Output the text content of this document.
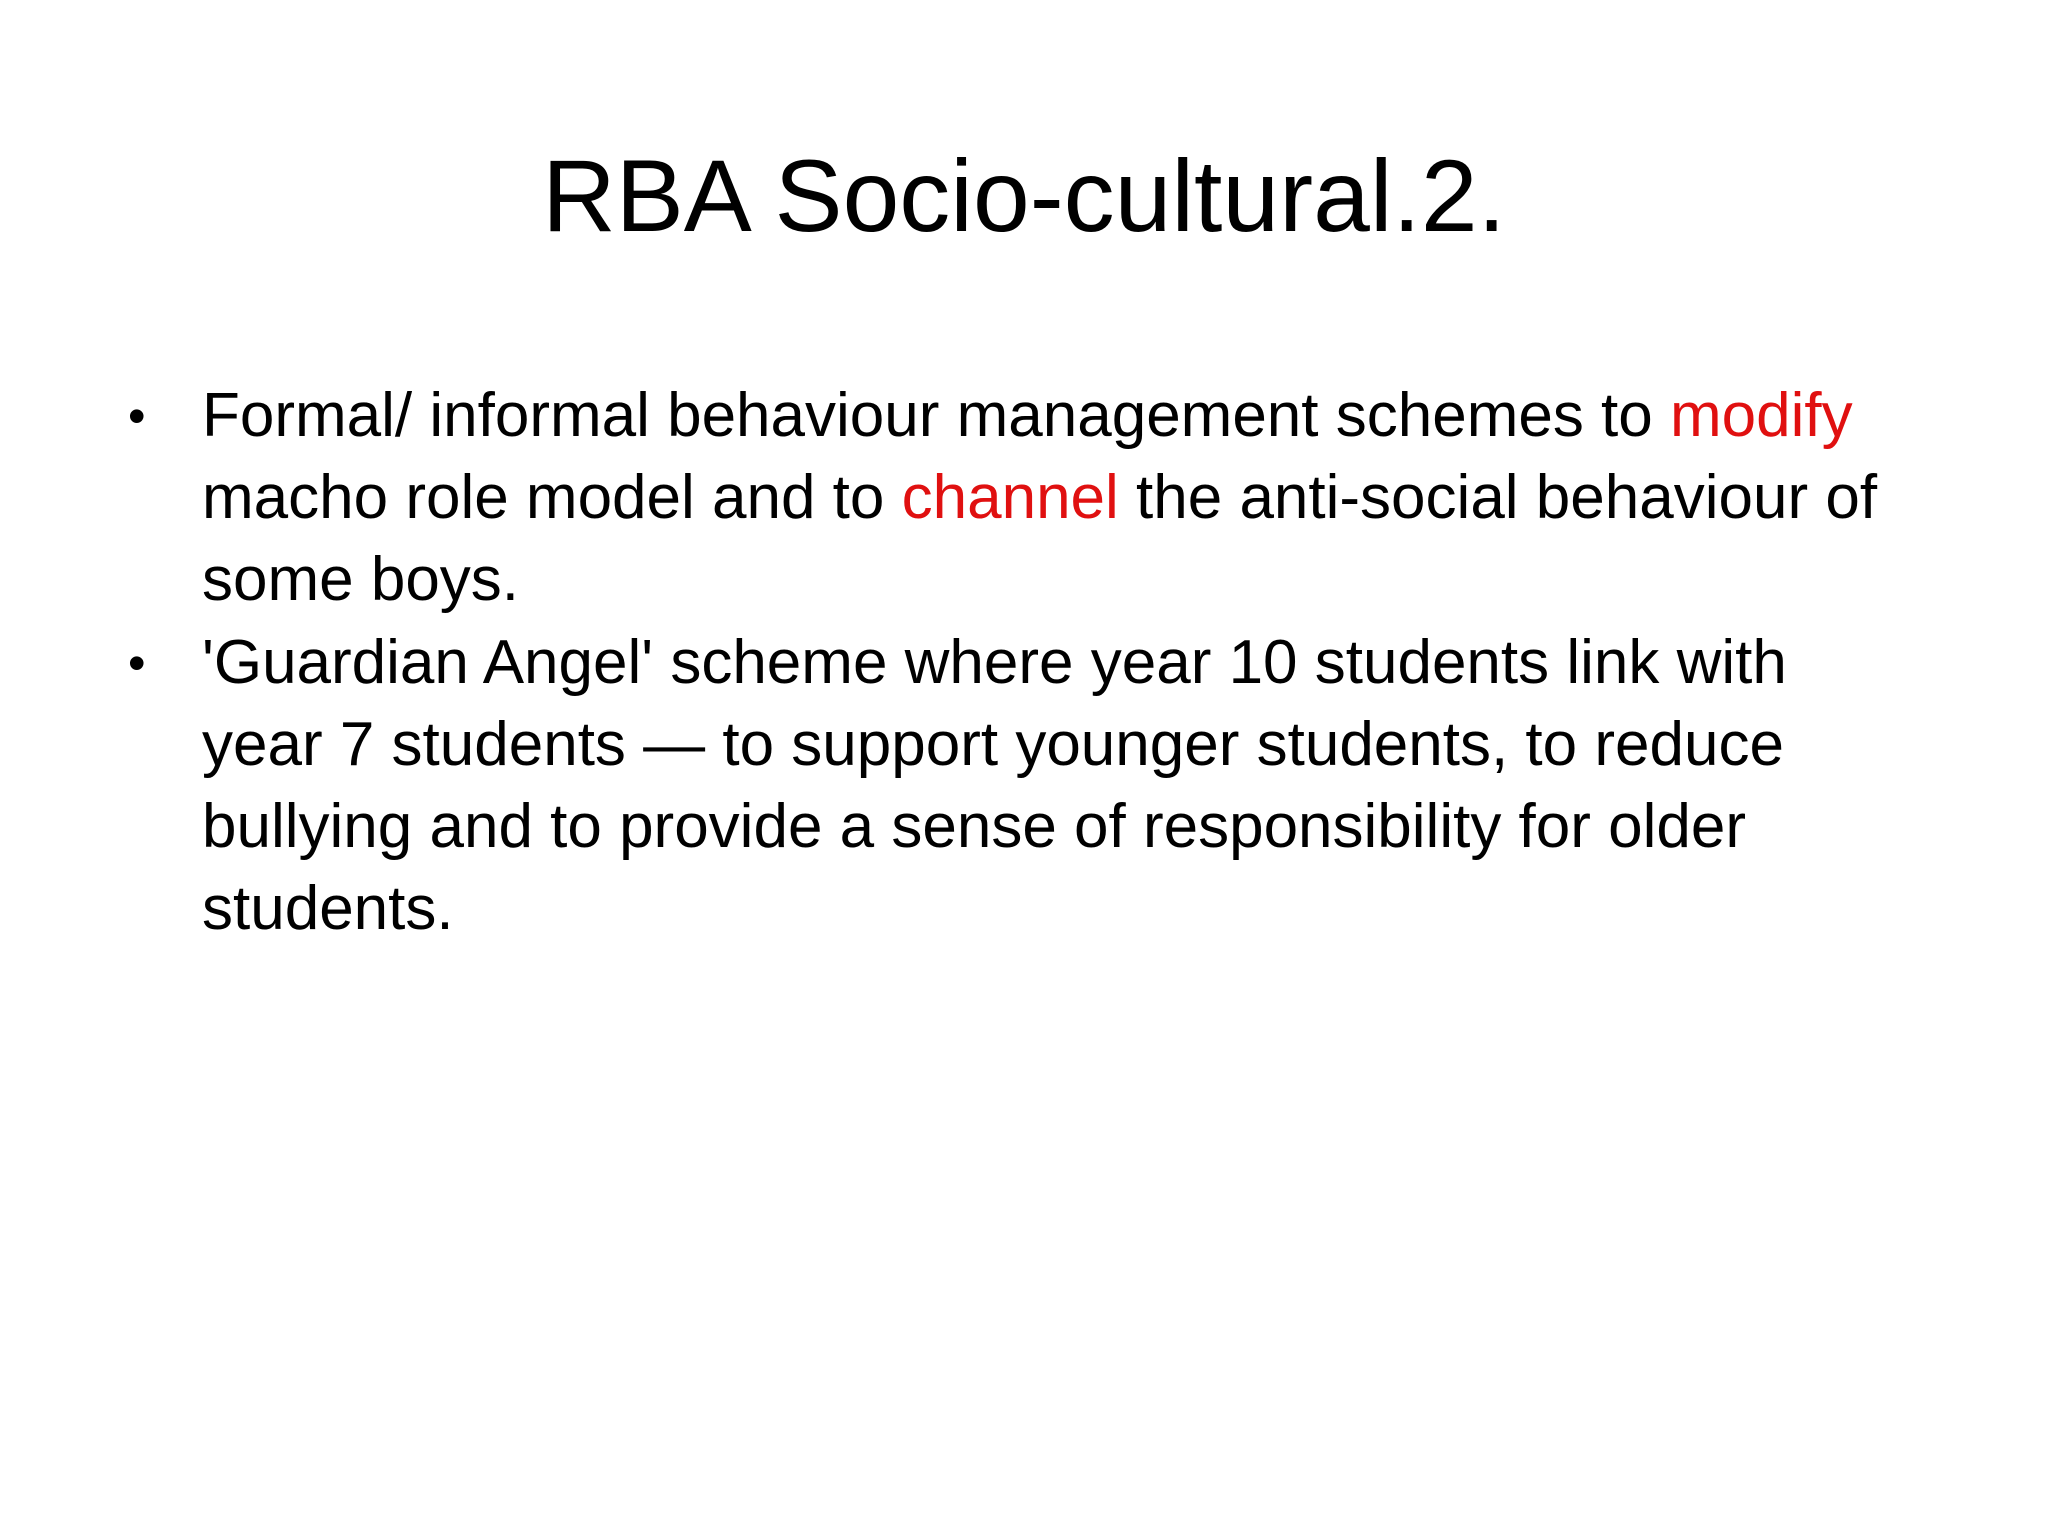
RBA Socio-cultural.2.
• Formal/ informal behaviour management schemes to modify macho role model and to channel the anti-social behaviour of some boys.
• 'Guardian Angel' scheme where year 10 students link with year 7 students — to support younger students, to reduce bullying and to provide a sense of responsibility for older students.
